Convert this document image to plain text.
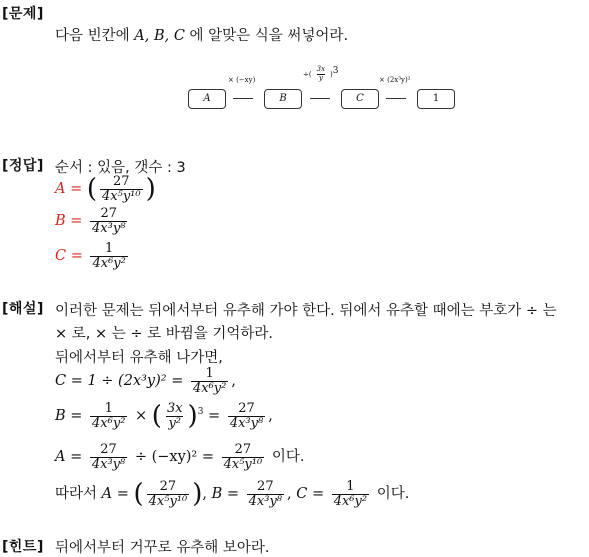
[문제]
다음 빈칸에 A, B, C 에 알맞은 식을 써넣어라.
A
× (−xy)
B
÷( $\frac{3x}{y} )^3$
C
× (2x³y)²
1
[정답] 순서 : 있음, 갯수 : 3
A = ( $\frac{27}{\text{4x⁵y¹⁰}}$ )
$B = \frac{27}{\text{4x³y⁸}}$
$C = \frac{1}{\text{4x⁶y²}}$
[해설] 이러한 문제는 뒤에서부터 유추해 가야 한다. 뒤에서 유추할 때에는 부호가 ÷ 는
× 로, × 는 ÷ 로 바뀜을 기억하라.
뒤에서부터 유추해 나가면,
$C = 1 \div (2x^3y)^2 = \frac{1}{\text{4x⁶y²}}$ ,
$B = \frac{1}{\text{4x⁶y²}}$ × ( $\frac{3x}{\text{y²}} )^3 = \frac{27}{\text{4x³y⁸}}$ ,
$A = \frac{27}{\text{4x³y⁸}} \div (-xy)^2 = \frac{27}{\text{4x⁵y¹⁰}}$ 이다.
따라서 A = ( $\frac{27}{\text{4x⁵y¹⁰}}$ ), $B = \frac{27}{\text{4x³y⁸}}$ , $C = \frac{1}{\text{4x⁶y²}}$ 이다.
[힌트] 뒤에서부터 거꾸로 유추해 보아라.
